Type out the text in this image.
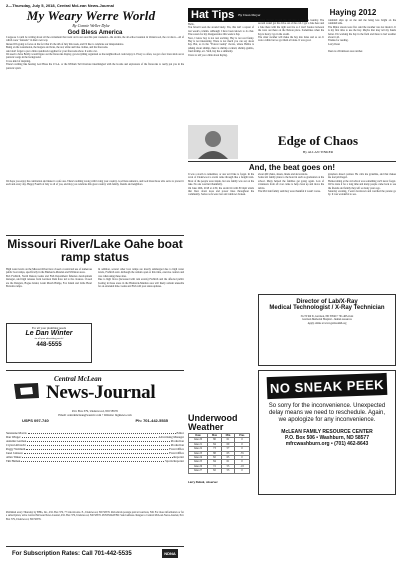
2—Thursday, July 5, 2018, Central McLean News-Journal
My Weary Werre World
By Connie Weller Dyke
God Bless America
I suppose I could be writing about all the excitement that went on in our area this past weekend—the storms, the all-school reunion in Underwood, the car show—all of which were "fantastic" in their own way.
Instead I'm going to focus on the fact that it's the 4th of July this week, and I'd like to celebrate our independence.
Being on the watermelon, the burgers and brats, the red, white and blue clothes, and the fireworks.
And don't forget to put a little roundtrack together for your fireworks show. It adds a lot.
We used to have Bobby would figure out the fireworks display, get everything organized so the neighborhood could enjoy it. Every so often, we get a few brave kids out at patriotic songs in the background.
It was kind of inspiring.
There's nothing like hearing God Bless the U.S.A. or the William Tell Overture intermingled with the booms and explosions of the fireworks to really put you in the patriotic spirit.
We hope you enjoy the celebration and make it a safe one. There's nothing wrong with loving your country. God bless America, and God bless those who serve to protect it each and every day. Happy Fourth of July to all of you, and may you celebrate this great country with family, friends and neighbors.
Missouri River/Lake Oahe boat ramp status
High water levels on the Missouri River have closed or restricted use of numerous public boat ramps, specifically in the Bismarck-Mandan and Williston areas.
Bob Frohlich, North Dakota Game and Fish Department fisheries development manager, said high releases from Garrison Dam have led to the closures. Closed are the Dungatz, Bogue Island, Grant Marsh Bridge, Fox Island and Little Heart Bottoms ramps.
In addition, several other boat ramps are mostly submerged due to high water levels, Frohlich said. Although the remain open at this time, exercise caution and care when using these sites.
Due to high flows (increased with rain events) Frohlich and the affected public boating in these areas in the Bismarck-Mandan area will likely remain unusable for an extended time. Game and Fish will post status updates.
For all your plumbing needs
Le Dan Winter
for all your advertising needs!
448-5555
Central McLean
News-Journal
P.O. Box 379, Underwood, ND 58576
Email: centralmclean@westriv.com • Website: bigmews.com
USPS 097-740	Ph: 701-442-5535
Sunzanne Morris	Editor
Dan Winger	Advertising Manager
Autumn Garman	Production
Crystal Albrecht	Production
Peggy Wolmuth	Front Office
Janel Johnson	Front Office
Allan Tinker	Reporter
Tim Haman	Sports Reporter
Published every Thursday by BHG, Inc., P.O. Box 379, 77 Lincoln Ave. E., Underwood, ND 58576. Periodicals postage paid at Garrison, ND. For more information or for a subscription, write Central McLean News-Journal, P.O. Box 379, Underwood, ND 58576. POSTMASTER: Send address changes to Central McLean News-Journal, P.O. Box 379, Underwood, ND 58576.
For Subscription Rates: Call 701-442-5535	NDNA
Hat Tips By Dean Meyer	Haying 2012
Hello,
You haven't seen me around lately. Yes, this isn't a repeat of last week's column. Although I have been known to do that. The reason for my disappearance this week is hay.
Now, I know hay is not real exciting. Hay is not real funny. Hay is not interesting. There is not much you can say about hay. But, as in the "Forrest Gump" movie, where Bubba is talking about shrimp, there is shrimp cocktail, shrimp gumbo, fried shrimp, etc. Well, hay has a similarity.
I have to tell you a little about haying.
getting thrown around the cab like a rag in a laundry. The second round got the drive out of the cab. I got a bale here and a bale there with the right rear tire so I don't bounce between the rows out there on the Nelson place. Sometimes when the hay is heavy I go in the swath.
The older swather will make the hay into bales and so on. It took a while but we got them all done. It was good.
windmill slips up on me and me being less bright on the windmill side.
The Minot streets were flat. And the weather was not made it. It is my first time to use the hay. Maybe that may tell my hands better. I'm working the hay in the field and there is bad weather about it all.
Thanks for reading.
Larry Dean

Dean is a Dickinson area rancher.
Edge of Chaos
By ALLAN TINKER
And, the beat goes on!
It was a storm to remember, or one we'd like to forget. In the town of Underwood a storm came through like a freight train. Most of the people were inside, but one family was out on the lake. No one was hurt thankfully.
On June 29th, 2018 at 4:30, the storm hit with 80 mph winds that blew down trees and power lines throughout the community. Some roofs were lost and windows broken.
about 400 chairs, sheets, linens and decorations.
Some felt family plans to the hotel in such as graduation at the school. Many helped the families get going again. Lots of volunteers from all over came to help clean up and move the debris.
The McClain family said they were thankful it wasn't worse.
grandson Jesse's partner. He calls me grandma, and that makes me feel privileged.
Homecoming at the old school was something we'll never forget. We've done it for a long time and many people came back to see the friends and family they left so many years ago.
Saturday evening, I went downtown and watched the parade go by. It was wonderful to see.
Underwood Weather
Date	Max	Min	Prec.
June 20	86	61	0
June 21	84	60	0
June 22	73	57	0
June 23	88	63	.35
June 24	82	65	0
June 25	84	61	0
June 26	72	55	.18
June 27	82	53	0
Larry Dukuk, observer
Director of Lab/X-Ray
Medical Technologist / X-Ray Technician
312 N 9th St, Garrison, ND 58540 • 701-463-xxxx
Garrison Memorial Hospital – human resources
Apply online at www.garrisonmh.org
NO SNEAK PEEK
So sorry for the inconvenience. Unexpected delay means we need to reschedule. Again, we apologize for any inconvenience.
McLEAN FAMILY RESOURCE CENTER
P.O. Box 506 • Washburn, ND 58577
mfrcwashburn.org • (701) 462-8643
